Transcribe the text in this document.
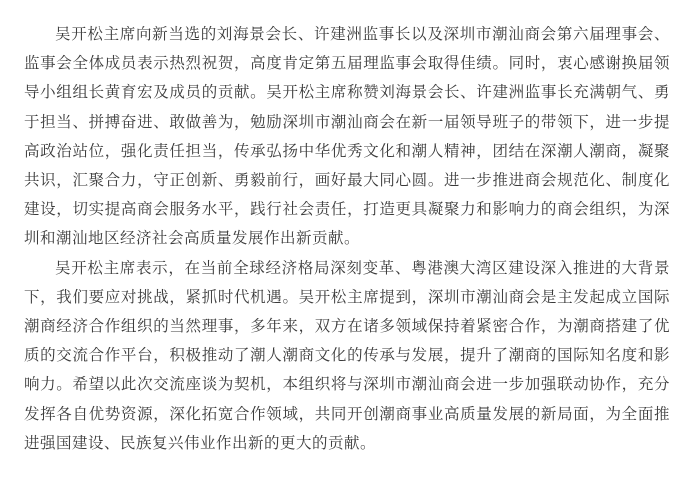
吴开松主席向新当选的刘海景会长、许建洲监事长以及深圳市潮汕商会第六届理事会、监事会全体成员表示热烈祝贺，高度肯定第五届理监事会取得佳绩。同时，衷心感谢换届领导小组组长黄育宏及成员的贡献。吴开松主席称赞刘海景会长、许建洲监事长充满朝气、勇于担当、拼搏奋进、敢做善为，勉励深圳市潮汕商会在新一届领导班子的带领下，进一步提高政治站位，强化责任担当，传承弘扬中华优秀文化和潮人精神，团结在深潮人潮商，凝聚共识，汇聚合力，守正创新、勇毅前行，画好最大同心圆。进一步推进商会规范化、制度化建设，切实提高商会服务水平，践行社会责任，打造更具凝聚力和影响力的商会组织，为深圳和潮汕地区经济社会高质量发展作出新贡献。

吴开松主席表示，在当前全球经济格局深刻变革、粤港澳大湾区建设深入推进的大背景下，我们要应对挑战，紧抓时代机遇。吴开松主席提到，深圳市潮汕商会是主发起成立国际潮商经济合作组织的当然理事，多年来，双方在诸多领域保持着紧密合作，为潮商搭建了优质的交流合作平台，积极推动了潮人潮商文化的传承与发展，提升了潮商的国际知名度和影响力。希望以此次交流座谈为契机，本组织将与深圳市潮汕商会进一步加强联动协作，充分发挥各自优势资源，深化拓宽合作领域，共同开创潮商事业高质量发展的新局面，为全面推进强国建设、民族复兴伟业作出新的更大的贡献。
